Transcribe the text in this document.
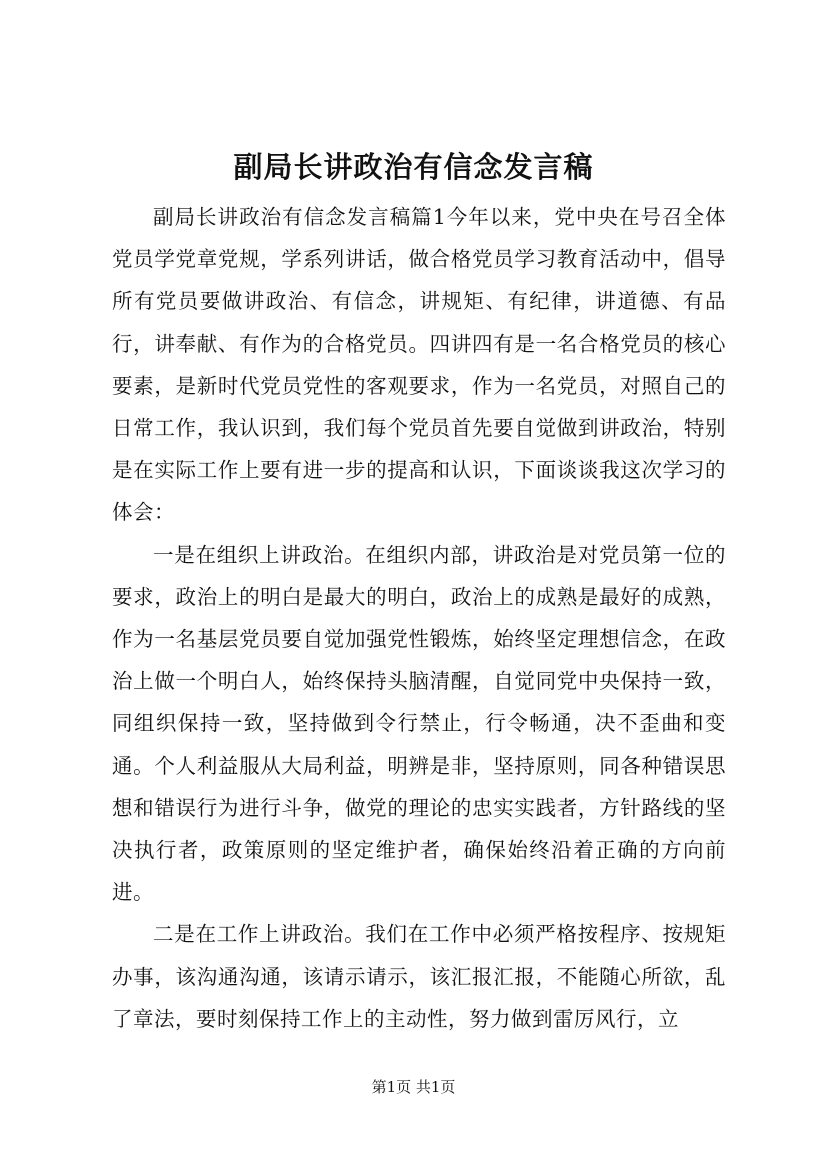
副局长讲政治有信念发言稿

副局长讲政治有信念发言稿篇1今年以来，党中央在号召全体党员学党章党规，学系列讲话，做合格党员学习教育活动中，倡导所有党员要做讲政治、有信念，讲规矩、有纪律，讲道德、有品行，讲奉献、有作为的合格党员。四讲四有是一名合格党员的核心要素，是新时代党员党性的客观要求，作为一名党员，对照自己的日常工作，我认识到，我们每个党员首先要自觉做到讲政治，特别是在实际工作上要有进一步的提高和认识，下面谈谈我这次学习的体会：

一是在组织上讲政治。在组织内部，讲政治是对党员第一位的要求，政治上的明白是最大的明白，政治上的成熟是最好的成熟，作为一名基层党员要自觉加强党性锻炼，始终坚定理想信念，在政治上做一个明白人，始终保持头脑清醒，自觉同党中央保持一致，同组织保持一致，坚持做到令行禁止，行令畅通，决不歪曲和变通。个人利益服从大局利益，明辨是非，坚持原则，同各种错误思想和错误行为进行斗争，做党的理论的忠实实践者，方针路线的坚决执行者，政策原则的坚定维护者，确保始终沿着正确的方向前进。

二是在工作上讲政治。我们在工作中必须严格按程序、按规矩办事，该沟通沟通，该请示请示，该汇报汇报，不能随心所欲，乱了章法，要时刻保持工作上的主动性，努力做到雷厉风行，立

第1页 共1页
